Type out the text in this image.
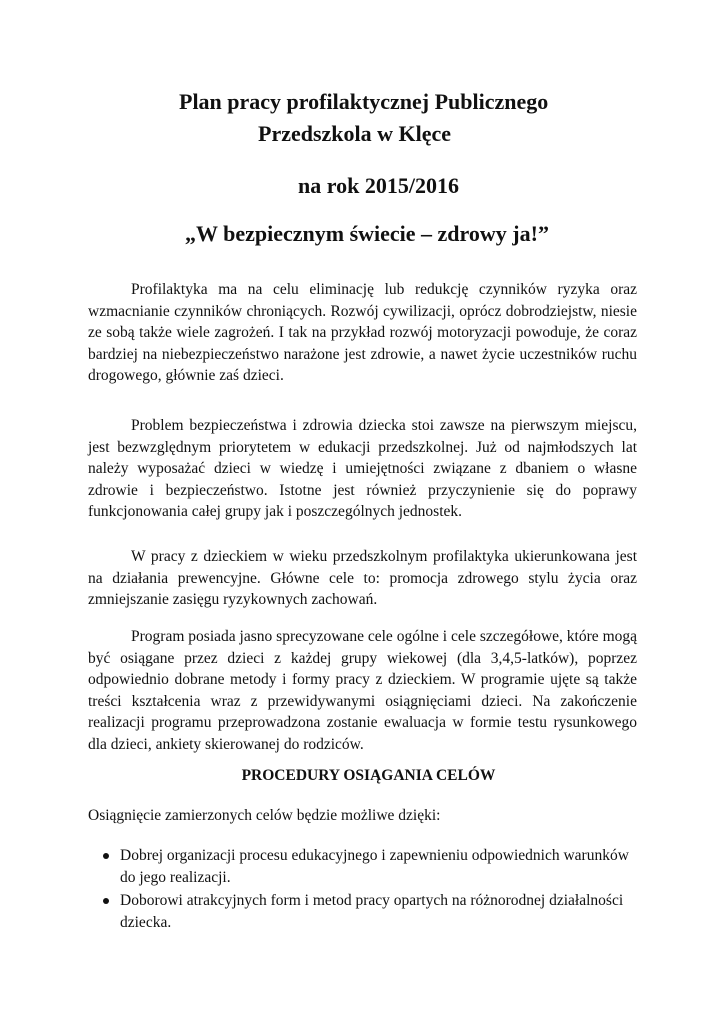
Plan pracy profilaktycznej Publicznego
Przedszkola w Klęce
na rok 2015/2016
„W bezpiecznym świecie – zdrowy ja!”

Profilaktyka ma na celu eliminację lub redukcję czynników ryzyka oraz wzmacnianie czynników chroniących. Rozwój cywilizacji, oprócz dobrodziejstw, niesie ze sobą także wiele zagrożeń. I tak na przykład rozwój motoryzacji powoduje, że coraz bardziej na niebezpieczeństwo narażone jest zdrowie, a nawet życie uczestników ruchu drogowego, głównie zaś dzieci.

Problem bezpieczeństwa i zdrowia dziecka stoi zawsze na pierwszym miejscu, jest bezwzględnym priorytetem w edukacji przedszkolnej. Już od najmłodszych lat należy wyposażać dzieci w wiedzę i umiejętności związane z dbaniem o własne zdrowie i bezpieczeństwo. Istotne jest również przyczynienie się do poprawy funkcjonowania całej grupy jak i poszczególnych jednostek.

W pracy z dzieckiem w wieku przedszkolnym profilaktyka ukierunkowana jest na działania prewencyjne. Główne cele to: promocja zdrowego stylu życia oraz zmniejszanie zasięgu ryzykownych zachowań.

Program posiada jasno sprecyzowane cele ogólne i cele szczegółowe, które mogą być osiągane przez dzieci z każdej grupy wiekowej (dla 3,4,5-latków), poprzez odpowiednio dobrane metody i formy pracy z dzieckiem. W programie ujęte są także treści kształcenia wraz z przewidywanymi osiągnięciami dzieci. Na zakończenie realizacji programu przeprowadzona zostanie ewaluacja w formie testu rysunkowego dla dzieci, ankiety skierowanej do rodziców.

PROCEDURY OSIĄGANIA CELÓW

Osiągnięcie zamierzonych celów będzie możliwe dzięki:

Dobrej organizacji procesu edukacyjnego i zapewnieniu odpowiednich warunków do jego realizacji.
Doborowi atrakcyjnych form i metod pracy opartych na różnorodnej działalności dziecka.
